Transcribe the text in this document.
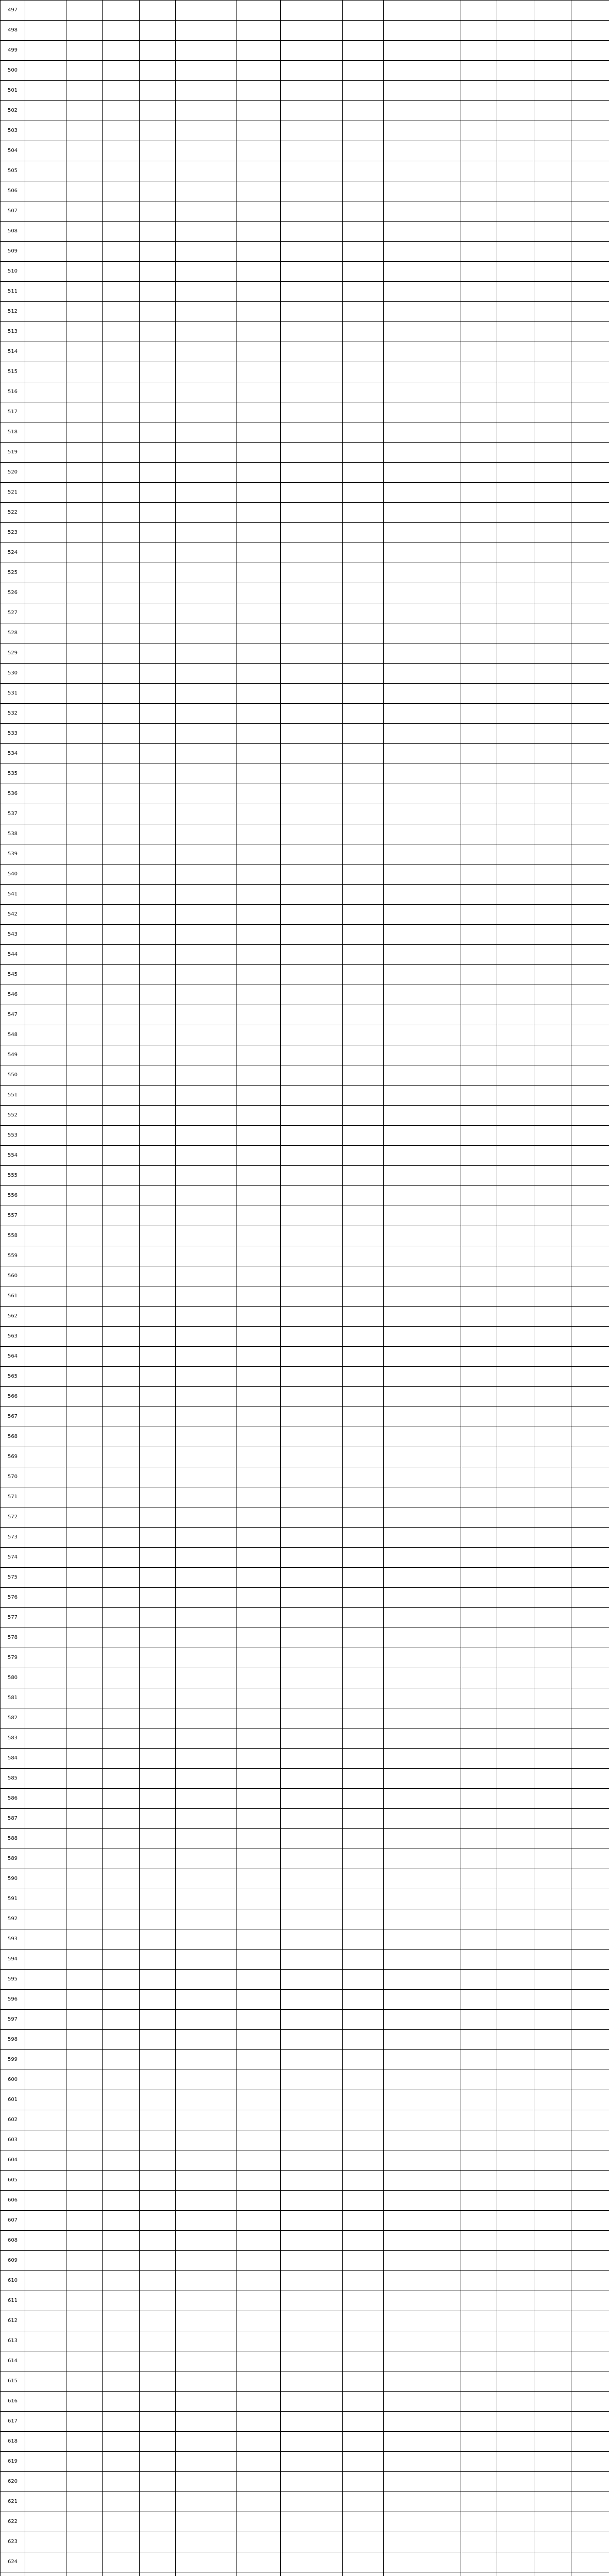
497													
498													
499													
500													
501													
502													
503													
504													
505													
506													
507													
508													
509													
510													
511													
512													
513													
514													
515													
516													
517													
518													
519													
520													
521													
522													
523													
524													
525													
526													
527													
528													
529													
530													
531													
532													
533													
534													
535													
536													
537													
538													
539													
540													
541													
542													
543													
544													
545													
546													
547													
548													
549													
550													
551													
552													
553													
554													
555													
556													
557													
558													
559													
560													
561													
562													
563													
564													
565													
566													
567													
568													
569													
570													
571													
572													
573													
574													
575													
576													
577													
578													
579													
580													
581													
582													
583													
584													
585													
586													
587													
588													
589													
590													
591													
592													
593													
594													
595													
596													
597													
598													
599													
600													
601													
602													
603													
604													
605													
606													
607													
608													
609													
610													
611													
612													
613													
614													
615													
616													
617													
618													
619													
620													
621													
622													
623													
624													
